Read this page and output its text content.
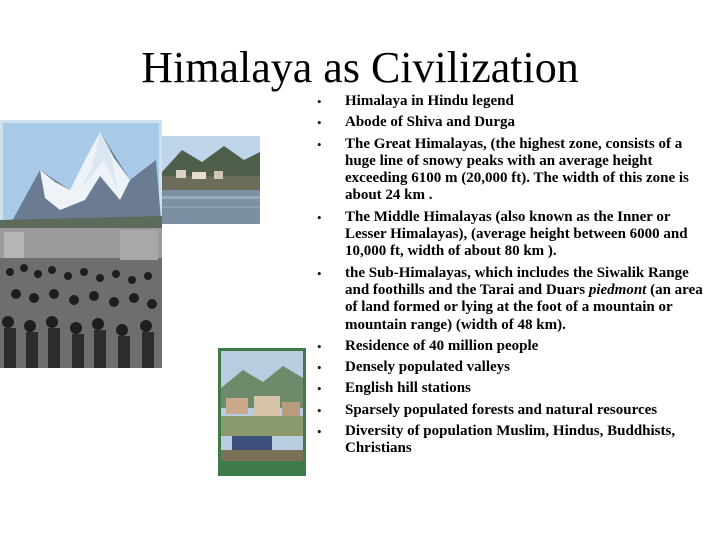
Himalaya as Civilization
• Himalaya in Hindu legend
• Abode of Shiva and Durga
• The Great Himalayas, (the highest zone, consists of a huge line of snowy peaks with an average height exceeding 6100 m (20,000 ft). The width of this zone is about 24 km .
• The Middle Himalayas (also known as the Inner or Lesser Himalayas), (average height between 6000 and 10,000 ft, width of about 80 km ).
• the Sub-Himalayas, which includes the Siwalik Range and foothills and the Tarai and Duars piedmont (an area of land formed or lying at the foot of a mountain or mountain range) (width of 48 km).
• Residence of 40 million people
• Densely populated valleys
• English hill stations
• Sparsely populated forests and natural resources
• Diversity of population Muslim, Hindus, Buddhists, Christians
